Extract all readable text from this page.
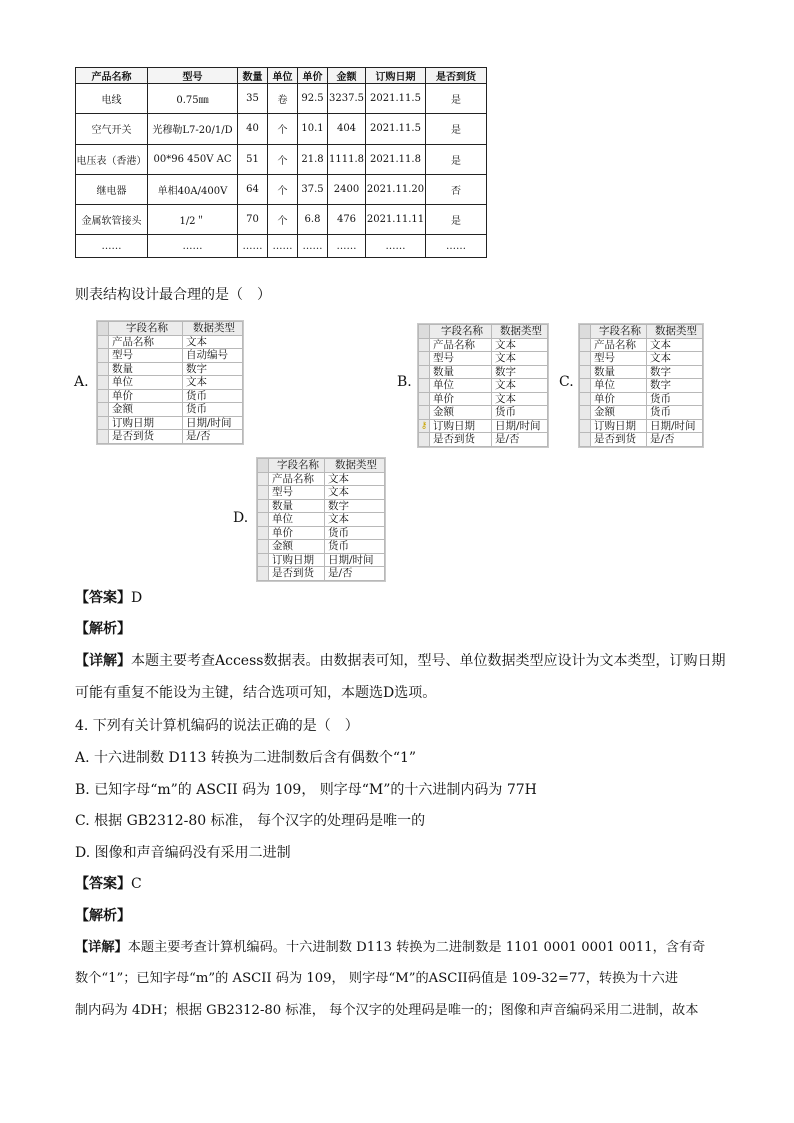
产品名称	型号	数量	单位	单价	金额	订购日期	是否到货
电线	0.75㎜	35	卷	92.5	3237.5	2021.11.5	是
空气开关	光穆勒L7-20/1/D	40	个	10.1	404	2021.11.5	是
电压表（香港）	00*96 450V AC	51	个	21.8	1111.8	2021.11.8	是
继电器	单相40A/400V	64	个	37.5	2400	2021.11.20	否
金属软管接头	1/2＂	70	个	6.8	476	2021.11.11	是
……	……	……	……	……	……	……	……
则表结构设计最合理的是（　）
A.	B.	C.
D.
	字段名称	数据类型
	产品名称	文本
	型号	自动编号
	数量	数字
	单位	文本
	单价	货币
	金额	货币
	订购日期	日期/时间
	是否到货	是/否
	字段名称	数据类型
	产品名称	文本
	型号	文本
	数量	数字
	单位	文本
	单价	文本
	金额	货币
⚷	订购日期	日期/时间
	是否到货	是/否
	字段名称	数据类型
	产品名称	文本
	型号	文本
	数量	数字
	单位	数字
	单价	货币
	金额	货币
	订购日期	日期/时间
	是否到货	是/否
	字段名称	数据类型
	产品名称	文本
	型号	文本
	数量	数字
	单位	文本
	单价	货币
	金额	货币
	订购日期	日期/时间
	是否到货	是/否
【答案】D
【解析】
【详解】本题主要考查Access数据表。由数据表可知，型号、单位数据类型应设计为文本类型，订购日期
可能有重复不能设为主键，结合选项可知，本题选D选项。
4. 下列有关计算机编码的说法正确的是（　）
A. 十六进制数 D113 转换为二进制数后含有偶数个“1”
B. 已知字母“m”的 ASCII 码为 109， 则字母“M”的十六进制内码为 77H
C. 根据 GB2312-80 标准， 每个汉字的处理码是唯一的
D. 图像和声音编码没有采用二进制
【答案】C
【解析】
【详解】本题主要考查计算机编码。十六进制数 D113 转换为二进制数是 1101 0001 0001 0011，含有奇
数个“1”；已知字母“m”的 ASCII 码为 109， 则字母“M”的ASCII码值是 109-32=77，转换为十六进
制内码为 4DH；根据 GB2312-80 标准， 每个汉字的处理码是唯一的；图像和声音编码采用二进制，故本
